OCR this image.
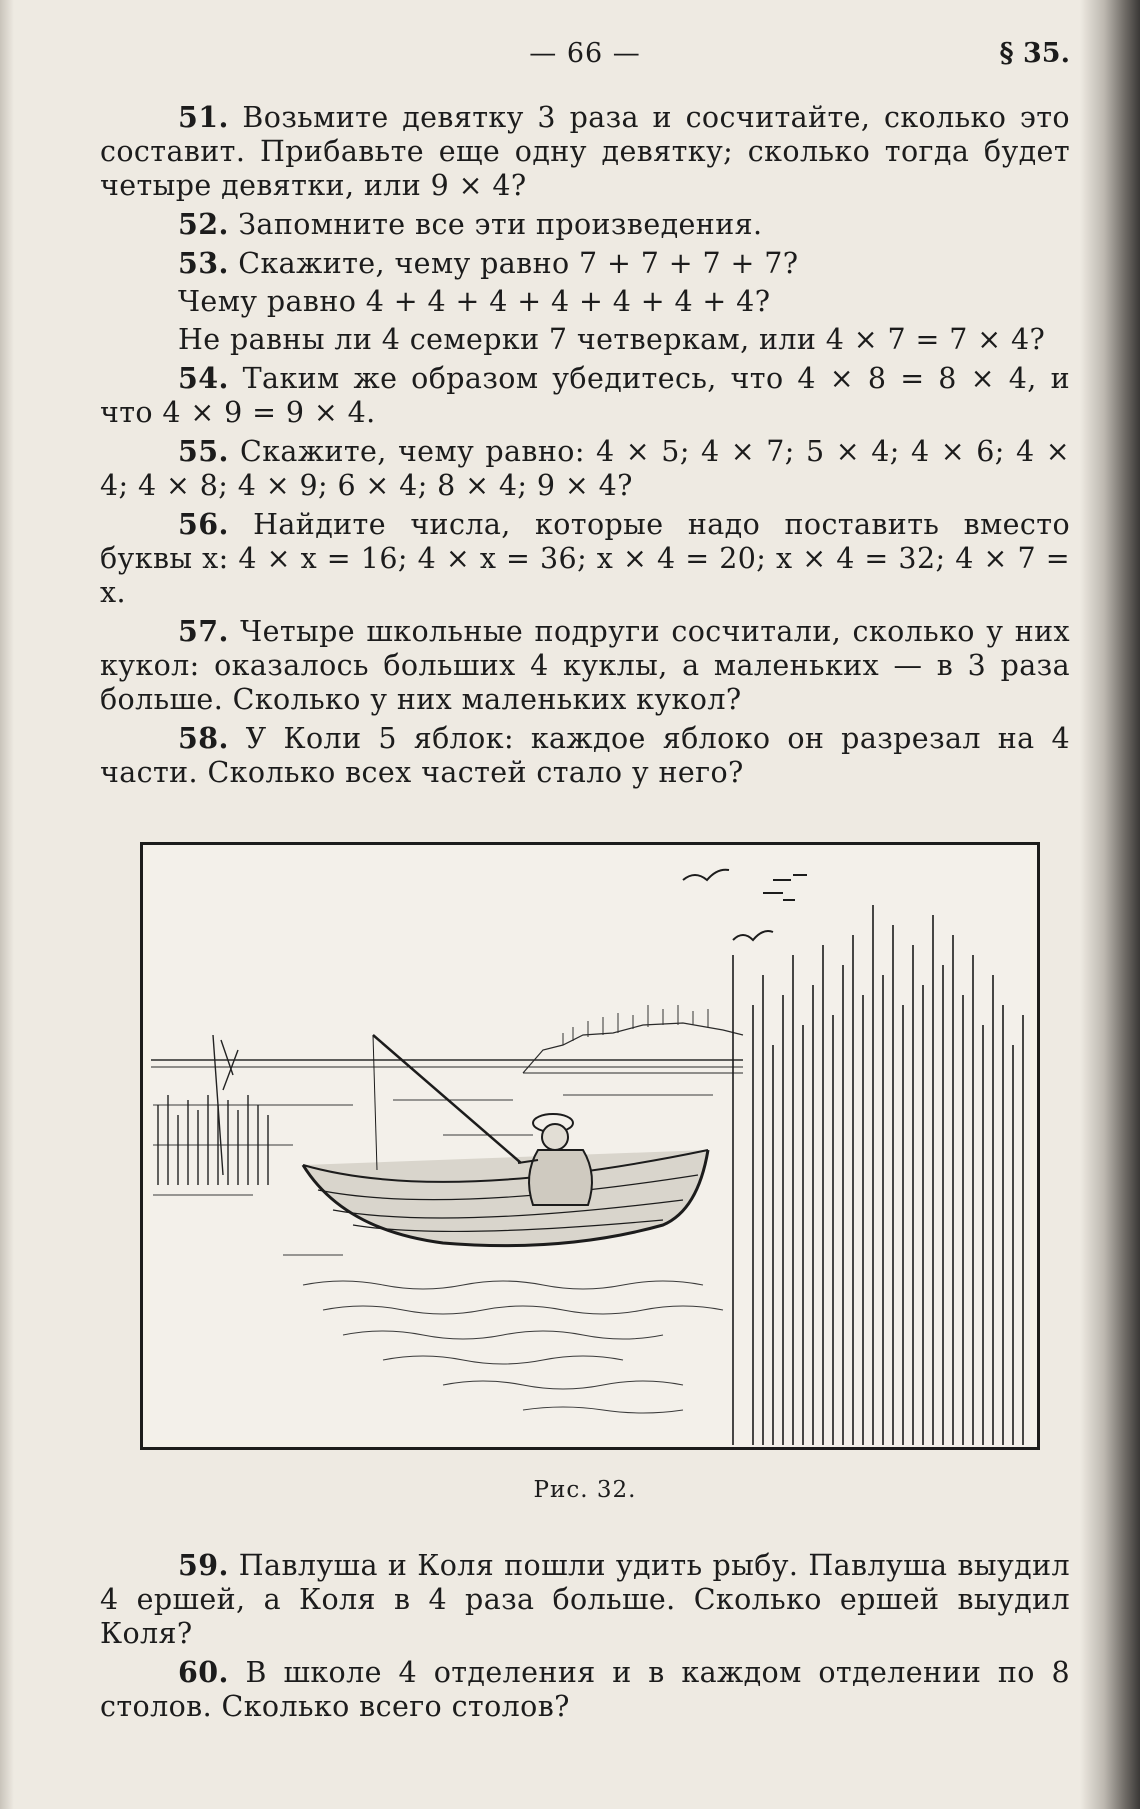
— 66 —	§ 35.

51. Возьмите девятку 3 раза и сосчитайте, сколько это составит. Прибавьте еще одну девятку; сколько тогда будет четыре девятки, или 9 × 4?

52. Запомните все эти произведения.

53. Скажите, чему равно 7 + 7 + 7 + 7?

Чему равно 4 + 4 + 4 + 4 + 4 + 4 + 4?

Не равны ли 4 семерки 7 четверкам, или 4 × 7 = 7 × 4?

54. Таким же образом убедитесь, что 4 × 8 = 8 × 4, и что 4 × 9 = 9 × 4.

55. Скажите, чему равно: 4 × 5; 4 × 7; 5 × 4; 4 × 6; 4 × 4; 4 × 8; 4 × 9; 6 × 4; 8 × 4; 9 × 4?

56. Найдите числа, которые надо поставить вместо буквы x: 4 × x = 16; 4 × x = 36; x × 4 = 20; x × 4 = 32; 4 × 7 = x.

57. Четыре школьные подруги сосчитали, сколько у них кукол: оказалось больших 4 куклы, а маленьких — в 3 раза больше. Сколько у них маленьких кукол?

58. У Коли 5 яблок: каждое яблоко он разрезал на 4 части. Сколько всех частей стало у него?

Рис. 32.

59. Павлуша и Коля пошли удить рыбу. Павлуша выудил 4 ершей, а Коля в 4 раза больше. Сколько ершей выудил Коля?

60. В школе 4 отделения и в каждом отделении по 8 столов. Сколько всего столов?
